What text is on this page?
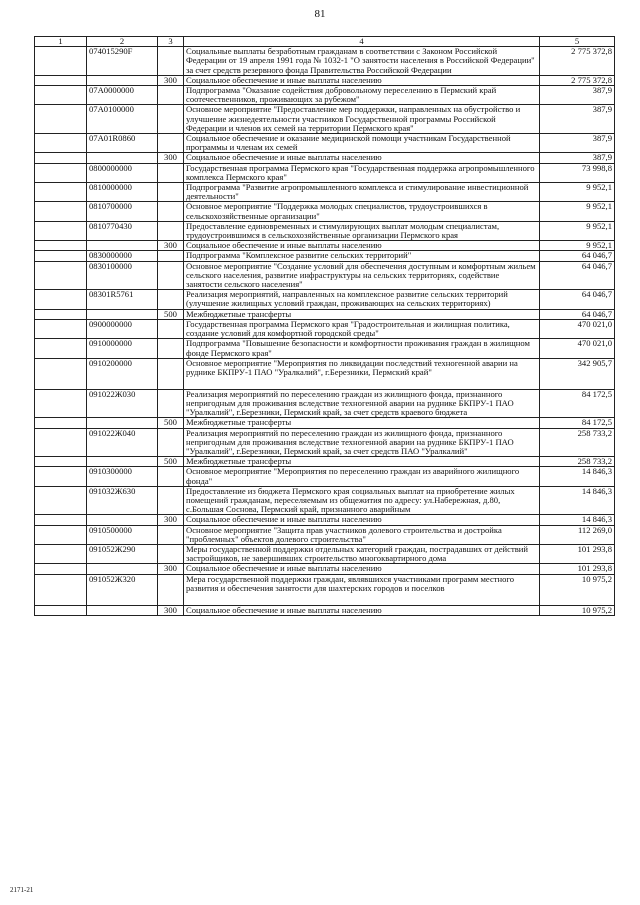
81
1	2	3	4	5
	074015290F		Социальные выплаты безработным гражданам в соответствии с Законом Российской Федерации от 19 апреля 1991 года № 1032-1 "О занятости населения в Российской Федерации" за счет средств резервного фонда Правительства Российской Федерации	2 775 372,8
		300	Социальное обеспечение и иные выплаты населению	2 775 372,8
	07А0000000		Подпрограмма "Оказание содействия добровольному переселению в Пермский край соотечественников, проживающих за рубежом"	387,9
	07А0100000		Основное мероприятие "Предоставление мер поддержки, направленных на обустройство и улучшение жизнедеятельности участников Государственной программы Российской Федерации и членов их семей на территории Пермского края"	387,9
	07А01R0860		Социальное обеспечение и оказание медицинской помощи участникам Государственной программы и членам их семей	387,9
		300	Социальное обеспечение и иные выплаты населению	387,9
	0800000000		Государственная программа Пермского края "Государственная поддержка агропромышленного комплекса Пермского края"	73 998,8
	0810000000		Подпрограмма "Развитие агропромышленного комплекса и стимулирование инвестиционной деятельности"	9 952,1
	0810700000		Основное мероприятие "Поддержка молодых специалистов, трудоустроившихся в сельскохозяйственные организации"	9 952,1
	0810770430		Предоставление единовременных и стимулирующих выплат молодым специалистам, трудоустроившимся в сельскохозяйственные организации Пермского края	9 952,1
		300	Социальное обеспечение и иные выплаты населению	9 952,1
	0830000000		Подпрограмма "Комплексное развитие сельских территорий"	64 046,7
	0830100000		Основное мероприятие "Создание условий для обеспечения доступным и комфортным жильем сельского населения, развитие инфраструктуры на сельских территориях, содействие занятости сельского населения"	64 046,7
	08301R5761		Реализация мероприятий, направленных на комплексное развитие сельских территорий (улучшение жилищных условий граждан, проживающих на сельских территориях)	64 046,7
		500	Межбюджетные трансферты	64 046,7
	0900000000		Государственная программа Пермского края "Градостроительная и жилищная политика, создание условий для комфортной городской среды"	470 021,0
	0910000000		Подпрограмма "Повышение безопасности и комфортности проживания граждан в жилищном фонде Пермского края"	470 021,0
	0910200000		Основное мероприятие "Мероприятия по ликвидации последствий техногенной аварии на руднике БКПРУ-1 ПАО "Уралкалий", г.Березники, Пермский край"	342 905,7
	091022Ж030		Реализация мероприятий по переселению граждан из жилищного фонда, признанного непригодным для проживания вследствие техногенной аварии на руднике БКПРУ-1 ПАО "Уралкалий", г.Березники, Пермский край, за счет средств краевого бюджета	84 172,5
		500	Межбюджетные трансферты	84 172,5
	091022Ж040		Реализация мероприятий по переселению граждан из жилищного фонда, признанного непригодным для проживания вследствие техногенной аварии на руднике БКПРУ-1 ПАО "Уралкалий", г.Березники, Пермский край, за счет средств ПАО "Уралкалий"	258 733,2
		500	Межбюджетные трансферты	258 733,2
	0910300000		Основное мероприятие "Мероприятия по переселению граждан из аварийного жилищного фонда"	14 846,3
	091032Ж630		Предоставление из бюджета Пермского края социальных выплат на приобретение жилых помещений гражданам, переселяемым из общежития по адресу: ул.Набережная, д.80, с.Большая Соснова, Пермский край, признанного аварийным	14 846,3
		300	Социальное обеспечение и иные выплаты населению	14 846,3
	0910500000		Основное мероприятие "Защита прав участников долевого строительства и достройка "проблемных" объектов долевого строительства"	112 269,0
	091052Ж290		Меры государственной поддержки отдельных категорий граждан, пострадавших от действий застройщиков, не завершивших строительство многоквартирного дома	101 293,8
		300	Социальное обеспечение и иные выплаты населению	101 293,8
	091052Ж320		Мера государственной поддержки граждан, являвшихся участниками программ местного развития и обеспечения занятости для шахтерских городов и поселков	10 975,2
		300	Социальное обеспечение и иные выплаты населению	10 975,2
2171-21
